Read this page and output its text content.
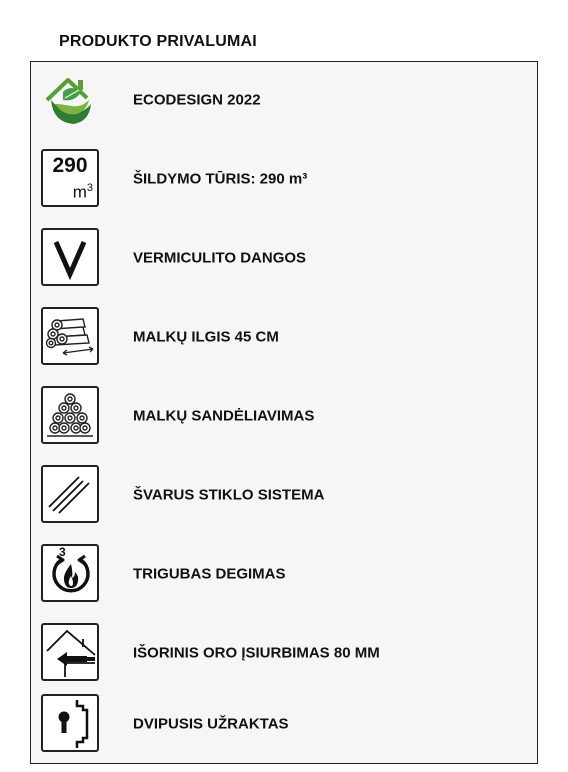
PRODUKTO PRIVALUMAI
ECODESIGN 2022
290
$m^3$
ŠILDYMO TŪRIS: 290 m³
VERMICULITO DANGOS
MALKŲ ILGIS 45 CM
MALKŲ SANDĖLIAVIMAS
ŠVARUS STIKLO SISTEMA
3
TRIGUBAS DEGIMAS
IŠORINIS ORO ĮSIURBIMAS 80 MM
DVIPUSIS UŽRAKTAS
